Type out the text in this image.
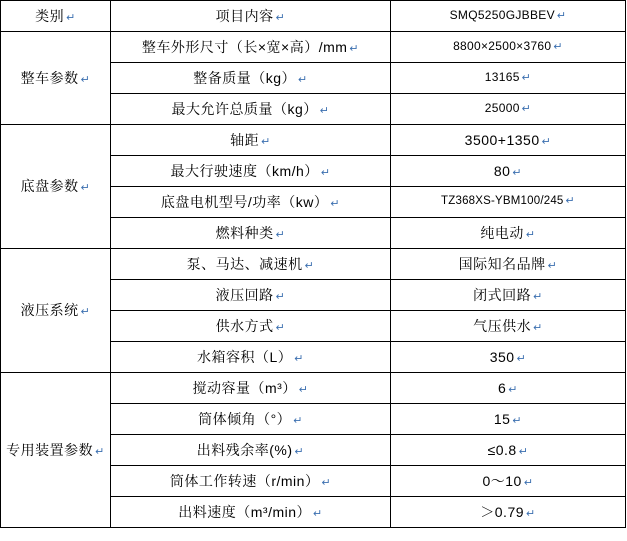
类别 ↵	项目内容 ↵	SMQ5250GJBBEV ↵
整车参数 ↵	整车外形尺寸（长×宽×高）/mm ↵	8800×2500×3760 ↵
	整备质量（kg） ↵	13165 ↵
	最大允许总质量（kg） ↵	25000 ↵
底盘参数 ↵	轴距 ↵	3500+1350 ↵
	最大行驶速度（km/h） ↵	80 ↵
	底盘电机型号/功率（kw） ↵	TZ368XS-YBM100/245 ↵
	燃料种类 ↵	纯电动 ↵
液压系统 ↵	泵、马达、减速机 ↵	国际知名品牌 ↵
	液压回路 ↵	闭式回路 ↵
	供水方式 ↵	气压供水 ↵
	水箱容积（L） ↵	350 ↵
专用装置参数 ↵	搅动容量（m³） ↵	6 ↵
	筒体倾角（°） ↵	15 ↵
	出料残余率(%) ↵	≤0.8 ↵
	筒体工作转速（r/min） ↵	0～10 ↵
	出料速度（m³/min） ↵	＞0.79 ↵
